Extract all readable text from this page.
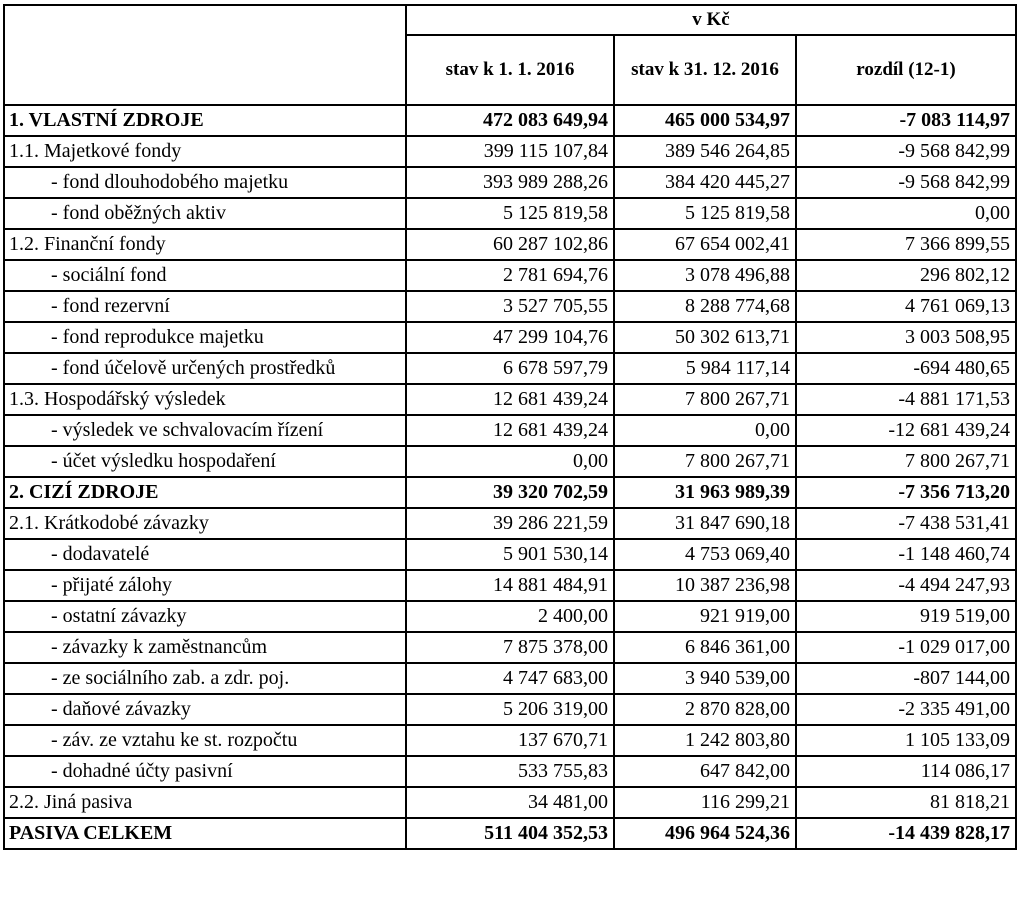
	v Kč		
	stav k 1. 1. 2016	stav k 31. 12. 2016	rozdíl (12-1)
1. VLASTNÍ ZDROJE	472 083 649,94	465 000 534,97	-7 083 114,97
1.1. Majetkové fondy	399 115 107,84	389 546 264,85	-9 568 842,99
- fond dlouhodobého majetku	393 989 288,26	384 420 445,27	-9 568 842,99
- fond oběžných aktiv	5 125 819,58	5 125 819,58	0,00
1.2. Finanční fondy	60 287 102,86	67 654 002,41	7 366 899,55
- sociální fond	2 781 694,76	3 078 496,88	296 802,12
- fond rezervní	3 527 705,55	8 288 774,68	4 761 069,13
- fond reprodukce majetku	47 299 104,76	50 302 613,71	3 003 508,95
- fond účelově určených prostředků	6 678 597,79	5 984 117,14	-694 480,65
1.3. Hospodářský výsledek	12 681 439,24	7 800 267,71	-4 881 171,53
- výsledek ve schvalovacím řízení	12 681 439,24	0,00	-12 681 439,24
- účet výsledku hospodaření	0,00	7 800 267,71	7 800 267,71
2. CIZÍ ZDROJE	39 320 702,59	31 963 989,39	-7 356 713,20
2.1. Krátkodobé závazky	39 286 221,59	31 847 690,18	-7 438 531,41
- dodavatelé	5 901 530,14	4 753 069,40	-1 148 460,74
- přijaté zálohy	14 881 484,91	10 387 236,98	-4 494 247,93
- ostatní závazky	2 400,00	921 919,00	919 519,00
- závazky k zaměstnancům	7 875 378,00	6 846 361,00	-1 029 017,00
- ze sociálního zab. a zdr. poj.	4 747 683,00	3 940 539,00	-807 144,00
- daňové závazky	5 206 319,00	2 870 828,00	-2 335 491,00
- záv. ze vztahu ke st. rozpočtu	137 670,71	1 242 803,80	1 105 133,09
- dohadné účty pasivní	533 755,83	647 842,00	114 086,17
2.2. Jiná pasiva	34 481,00	116 299,21	81 818,21
PASIVA CELKEM	511 404 352,53	496 964 524,36	-14 439 828,17
